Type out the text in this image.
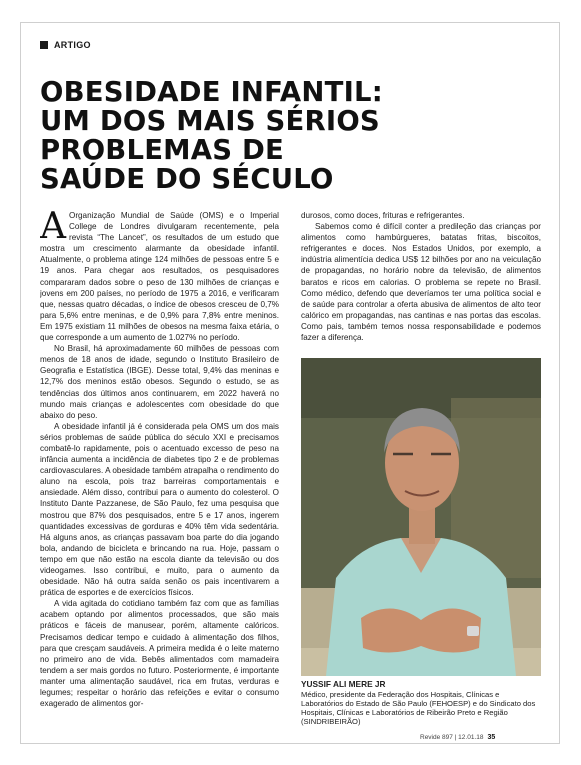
ARTIGO
OBESIDADE INFANTIL:
UM DOS MAIS SÉRIOS
PROBLEMAS DE
SAÚDE DO SÉCULO

A Organização Mundial de Saúde (OMS) e o Imperial College de Londres divulgaram recentemente, pela revista “The Lancet”, os resultados de um estudo que mostra um crescimento alarmante da obesidade infantil. Atualmente, o problema atinge 124 milhões de pessoas entre 5 e 19 anos. Para chegar aos resultados, os pesquisadores compararam dados sobre o peso de 130 milhões de crianças e jovens em 200 países, no período de 1975 a 2016, e verificaram que, nessas quatro décadas, o índice de obesos cresceu de 0,7% para 5,6% entre meninas, e de 0,9% para 7,8% entre meninos. Em 1975 existiam 11 milhões de obesos na mesma faixa etária, o que corresponde a um aumento de 1.027% no período.

No Brasil, há aproximadamente 60 milhões de pessoas com menos de 18 anos de idade, segundo o Instituto Brasileiro de Geografia e Estatística (IBGE). Desse total, 9,4% das meninas e 12,7% dos meninos estão obesos. Segundo o estudo, se as tendências dos últimos anos continuarem, em 2022 haverá no mundo mais crianças e adolescentes com obesidade do que abaixo do peso.

A obesidade infantil já é considerada pela OMS um dos mais sérios problemas de saúde pública do século XXI e precisamos combatê-lo rapidamente, pois o acentuado excesso de peso na infância aumenta a incidência de diabetes tipo 2 e de problemas cardiovasculares. A obesidade também atrapalha o rendimento do aluno na escola, pois traz barreiras comportamentais e ansiedade. Além disso, contribui para o aumento do colesterol. O Instituto Dante Pazzanese, de São Paulo, fez uma pesquisa que mostrou que 87% dos pesquisados, entre 5 e 17 anos, ingerem quantidades excessivas de gorduras e 40% têm vida sedentária. Há alguns anos, as crianças passavam boa parte do dia jogando bola, andando de bicicleta e brincando na rua. Hoje, passam o tempo em que não estão na escola diante da televisão ou dos videogames. Isso contribui, e muito, para o aumento da obesidade. Não há outra saída senão os pais incentivarem a prática de esportes e de exercícios físicos.

A vida agitada do cotidiano também faz com que as famílias acabem optando por alimentos processados, que são mais práticos e fáceis de manusear, porém, altamente calóricos. Precisamos dedicar tempo e cuidado à alimentação dos filhos, para que cresçam saudáveis. A primeira medida é o leite materno no primeiro ano de vida. Bebês alimentados com mamadeira tendem a ser mais gordos no futuro. Posteriormente, é importante manter uma alimentação saudável, rica em frutas, verduras e legumes; respeitar o horário das refeições e evitar o consumo exagerado de alimentos gor-

durosos, como doces, frituras e refrigerantes.

Sabemos como é difícil conter a predileção das crianças por alimentos como hambúrgueres, batatas fritas, biscoitos, refrigerantes e doces. Nos Estados Unidos, por exemplo, a indústria alimentícia dedica US$ 12 bilhões por ano na veiculação de propagandas, no horário nobre da televisão, de alimentos baratos e ricos em calorias. O problema se repete no Brasil. Como médico, defendo que deveríamos ter uma política social e de saúde para controlar a oferta abusiva de alimentos de alto teor calórico em propagandas, nas cantinas e nas portas das escolas. Como pais, também temos nossa responsabilidade e podemos fazer a diferença.

YUSSIF ALI MERE JR
Médico, presidente da Federação dos Hospitais, Clínicas e Laboratórios do Estado de São Paulo (FEHOESP) e do Sindicato dos Hospitais, Clínicas e Laboratórios de Ribeirão Preto e Região (SINDRIBEIRÃO)
Revide 897 | 12.01.18 35
